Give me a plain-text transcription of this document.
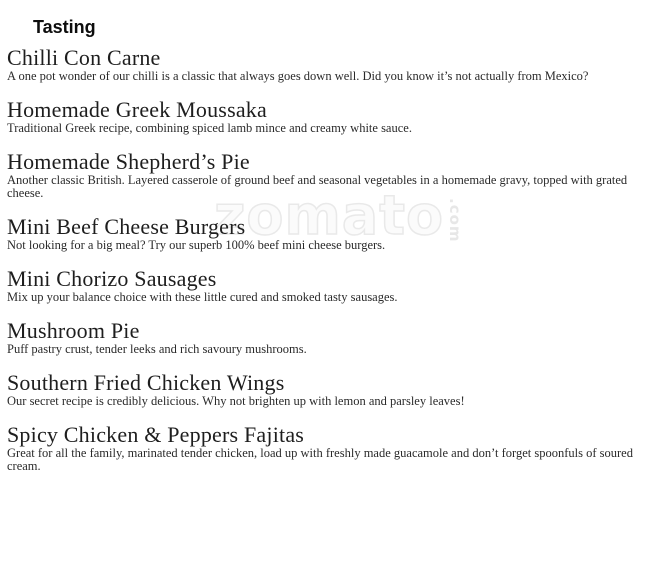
zomato .com
Tasting
Chilli Con Carne
A one pot wonder of our chilli is a classic that always goes down well. Did you know it’s not actually from Mexico?
Homemade Greek Moussaka
Traditional Greek recipe, combining spiced lamb mince and creamy white sauce.
Homemade Shepherd’s Pie
Another classic British. Layered casserole of ground beef and seasonal vegetables in a homemade gravy, topped with grated cheese.
Mini Beef Cheese Burgers
Not looking for a big meal? Try our superb 100% beef mini cheese burgers.
Mini Chorizo Sausages
Mix up your balance choice with these little cured and smoked tasty sausages.
Mushroom Pie
Puff pastry crust, tender leeks and rich savoury mushrooms.
Southern Fried Chicken Wings
Our secret recipe is credibly delicious. Why not brighten up with lemon and parsley leaves!
Spicy Chicken & Peppers Fajitas
Great for all the family, marinated tender chicken, load up with freshly made guacamole and don’t forget spoonfuls of soured cream.
